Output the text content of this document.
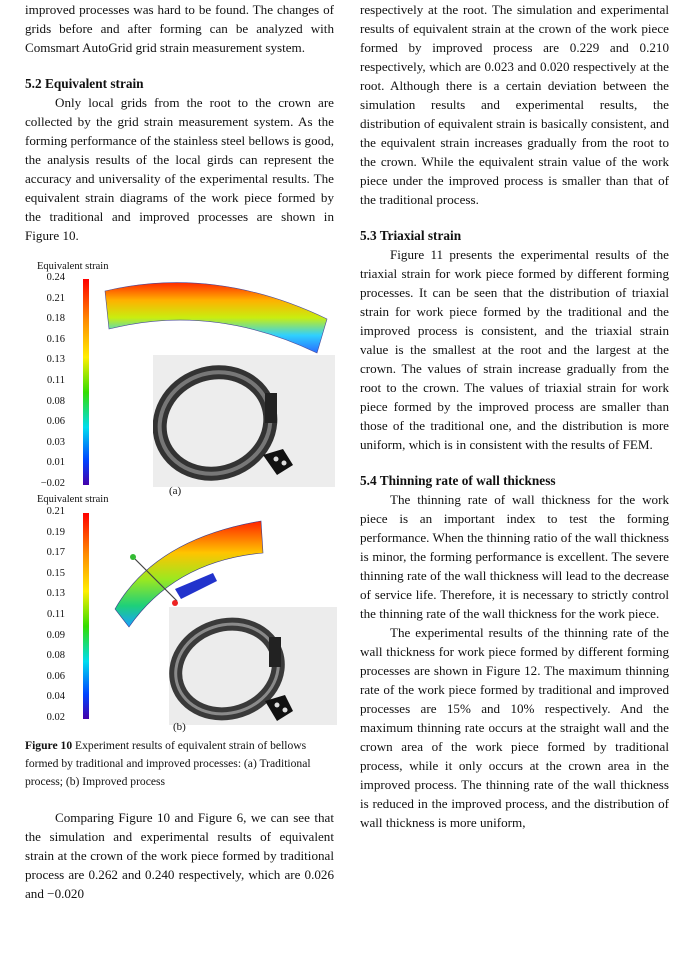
improved processes was hard to be found. The changes of grids before and after forming can be analyzed with Comsmart AutoGrid grid strain measurement system.

5.2 Equivalent strain

Only local grids from the root to the crown are collected by the grid strain measurement system. As the forming performance of the stainless steel bellows is good, the analysis results of the local girds can represent the accuracy and universality of the experimental results. The equivalent strain diagrams of the work piece formed by the traditional and improved processes are shown in Figure 10.

Equivalent strain
0.24
0.21
0.18
0.16
0.13
0.11
0.08
0.06
0.03
0.01
−0.02
(a)
Equivalent strain
0.21
0.19
0.17
0.15
0.13
0.11
0.09
0.08
0.06
0.04
0.02
(b)

Figure 10 Experiment results of equivalent strain of bellows formed by traditional and improved processes: (a) Traditional process; (b) Improved process

Comparing Figure 10 and Figure 6, we can see that the simulation and experimental results of equivalent strain at the crown of the work piece formed by traditional process are 0.262 and 0.240 respectively, which are 0.026 and −0.020

respectively at the root. The simulation and experimental results of equivalent strain at the crown of the work piece formed by improved process are 0.229 and 0.210 respectively, which are 0.023 and 0.020 respectively at the root. Although there is a certain deviation between the simulation results and experimental results, the distribution of equivalent strain is basically consistent, and the equivalent strain increases gradually from the root to the crown. While the equivalent strain value of the work piece under the improved process is smaller than that of the traditional process.

5.3 Triaxial strain

Figure 11 presents the experimental results of the triaxial strain for work piece formed by different forming processes. It can be seen that the distribution of triaxial strain for work piece formed by the traditional and the improved process is consistent, and the triaxial strain value is the smallest at the root and the largest at the crown. The values of strain increase gradually from the root to the crown. The values of triaxial strain for work piece formed by the improved process are smaller than those of the traditional one, and the distribution is more uniform, which is in consistent with the results of FEM.

5.4 Thinning rate of wall thickness

The thinning rate of wall thickness for the work piece is an important index to test the forming performance. When the thinning ratio of the wall thickness is minor, the forming performance is excellent. The severe thinning rate of the wall thickness will lead to the decrease of service life. Therefore, it is necessary to strictly control the thinning rate of the wall thickness for the work piece.

The experimental results of the thinning rate of the wall thickness for work piece formed by different forming processes are shown in Figure 12. The maximum thinning rate of the work piece formed by traditional and improved processes are 15% and 10% respectively. And the maximum thinning rate occurs at the straight wall and the crown area of the work piece formed by traditional process, while it only occurs at the crown area in the improved process. The thinning rate of the wall thickness is reduced in the improved process, and the distribution of wall thickness is more uniform,
